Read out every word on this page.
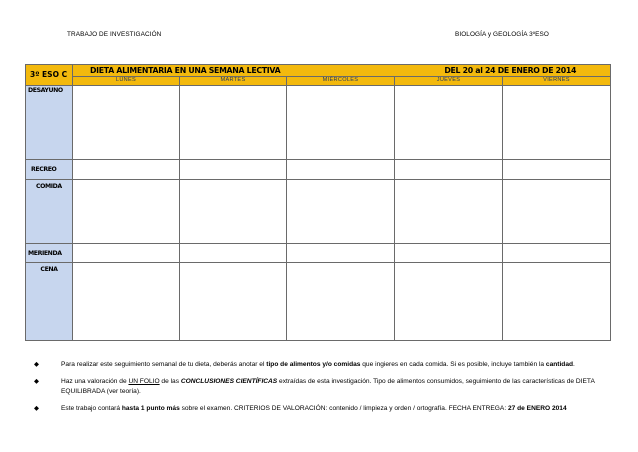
TRABAJO DE INVESTIGACIÓN	BIOLOGÍA y GEOLOGÍA 3ºESO
3º ESO C	DIETA ALIMENTARIA EN UNA SEMANA LECTIVA DEL 20 al 24 DE ENERO DE 2014				
	LUNES	MARTES	MIÉRCOLES	JUEVES	VIERNES

DESAYUNO					

RECREO					

COMIDA					

MERIENDA					

CENA					

◆	Para realizar este seguimiento semanal de tu dieta, deberás anotar el tipo de alimentos y/o comidas que ingieres en cada comida. Si es posible, incluye también la cantidad.
◆	Haz una valoración de UN FOLIO de las CONCLUSIONES CIENTÍFICAS extraídas de esta investigación. Tipo de alimentos consumidos, seguimiento de las características de DIETA EQUILIBRADA (ver teoría).
◆	Este trabajo contará hasta 1 punto más sobre el examen. CRITERIOS DE VALORACIÓN: contenido / limpieza y orden / ortografía. FECHA ENTREGA: 27 de ENERO 2014
